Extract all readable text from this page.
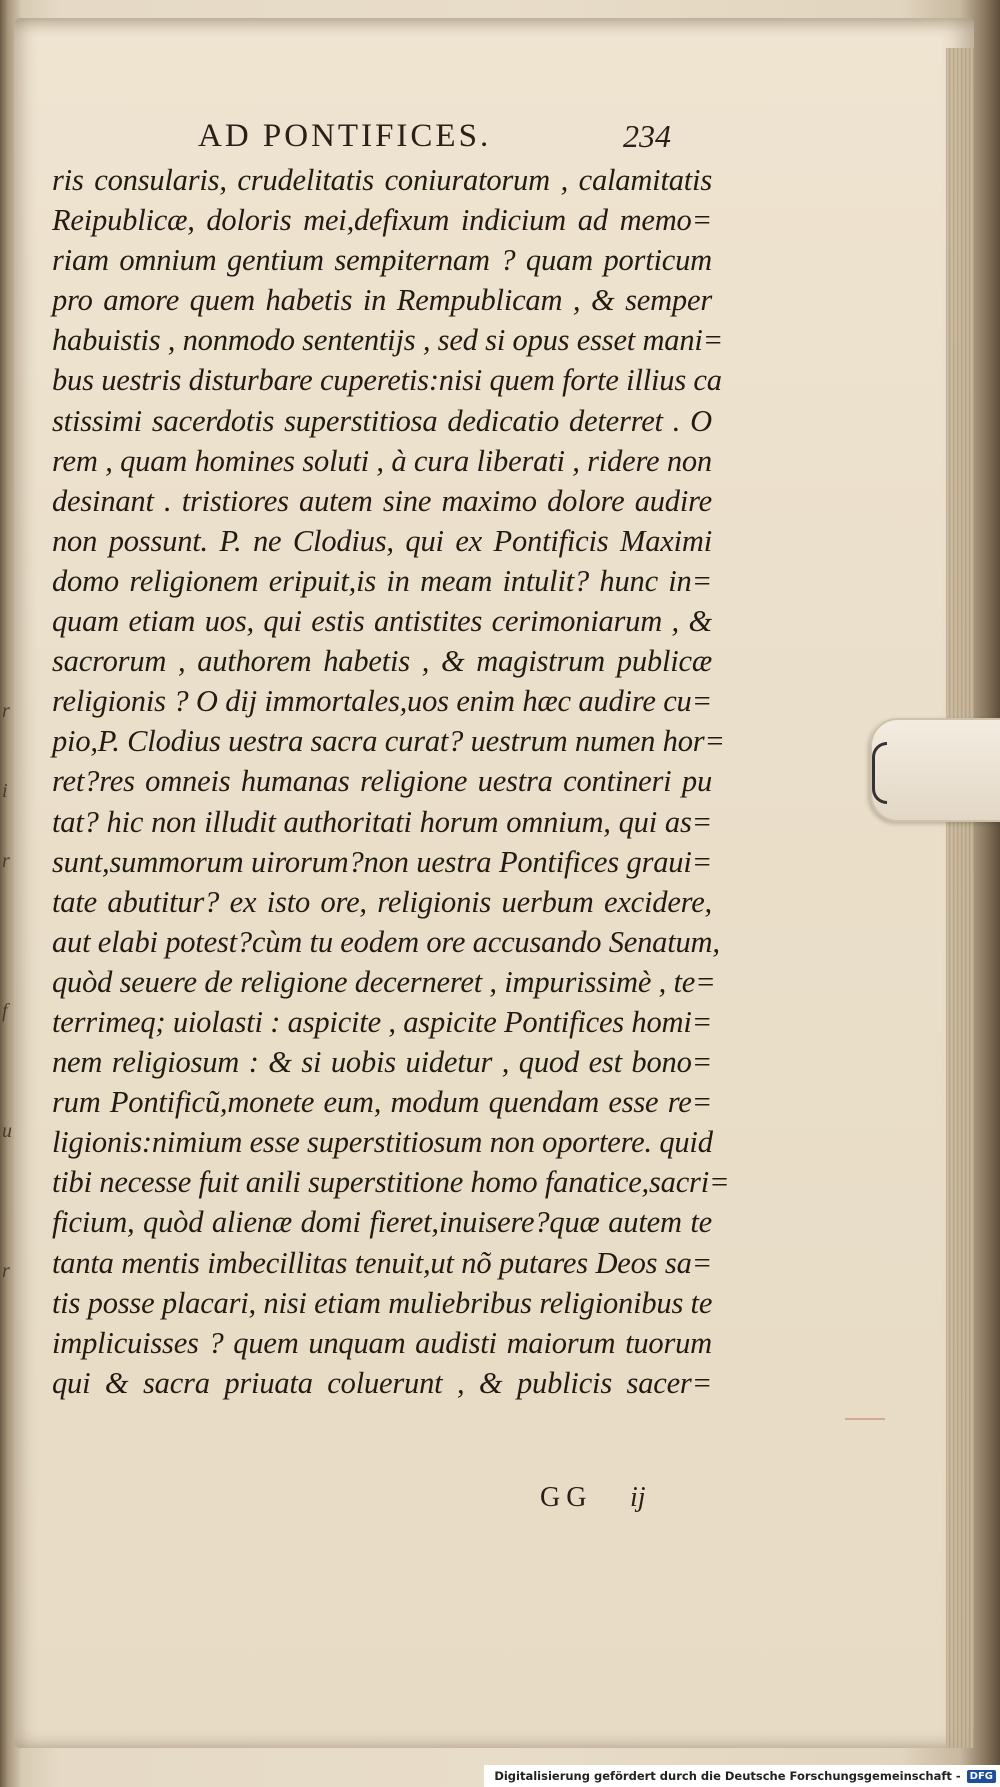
r
i
r
f
u
r
AD PONTIFICES.	234
ris consularis, crudelitatis coniuratorum , calamitatis
Reipublicæ, doloris mei,defixum indicium ad memo=
riam omnium gentium sempiternam ? quam porticum
pro amore quem habetis in Rempublicam , & semper
habuistis , nonmodo sententijs , sed si opus esset mani=
bus uestris disturbare cuperetis:nisi quem forte illius ca
stissimi sacerdotis superstitiosa dedicatio deterret . O
rem , quam homines soluti , à cura liberati , ridere non
desinant . tristiores autem sine maximo dolore audire
non possunt. P. ne Clodius, qui ex Pontificis Maximi
domo religionem eripuit,is in meam intulit? hunc in=
quam etiam uos, qui estis antistites cerimoniarum , &
sacrorum , authorem habetis , & magistrum publicæ
religionis ? O dij immortales,uos enim hæc audire cu=
pio,P. Clodius uestra sacra curat? uestrum numen hor=
ret?res omneis humanas religione uestra contineri pu
tat? hic non illudit authoritati horum omnium, qui as=
sunt,summorum uirorum?non uestra Pontifices graui=
tate abutitur? ex isto ore, religionis uerbum excidere,
aut elabi potest?cùm tu eodem ore accusando Senatum,
quòd seuere de religione decerneret , impurissimè , te=
terrimeq; uiolasti : aspicite , aspicite Pontifices homi=
nem religiosum : & si uobis uidetur , quod est bono=
rum Pontificũ,monete eum, modum quendam esse re=
ligionis:nimium esse superstitiosum non oportere. quid
tibi necesse fuit anili superstitione homo fanatice,sacri=
ficium, quòd alienæ domi fieret,inuisere?quæ autem te
tanta mentis imbecillitas tenuit,ut nõ putares Deos sa=
tis posse placari, nisi etiam muliebribus religionibus te
implicuisses ? quem unquam audisti maiorum tuorum
qui & sacra priuata coluerunt , & publicis sacer=
GG ij
Digitalisierung gefördert durch die Deutsche Forschungsgemeinschaft - DFG
